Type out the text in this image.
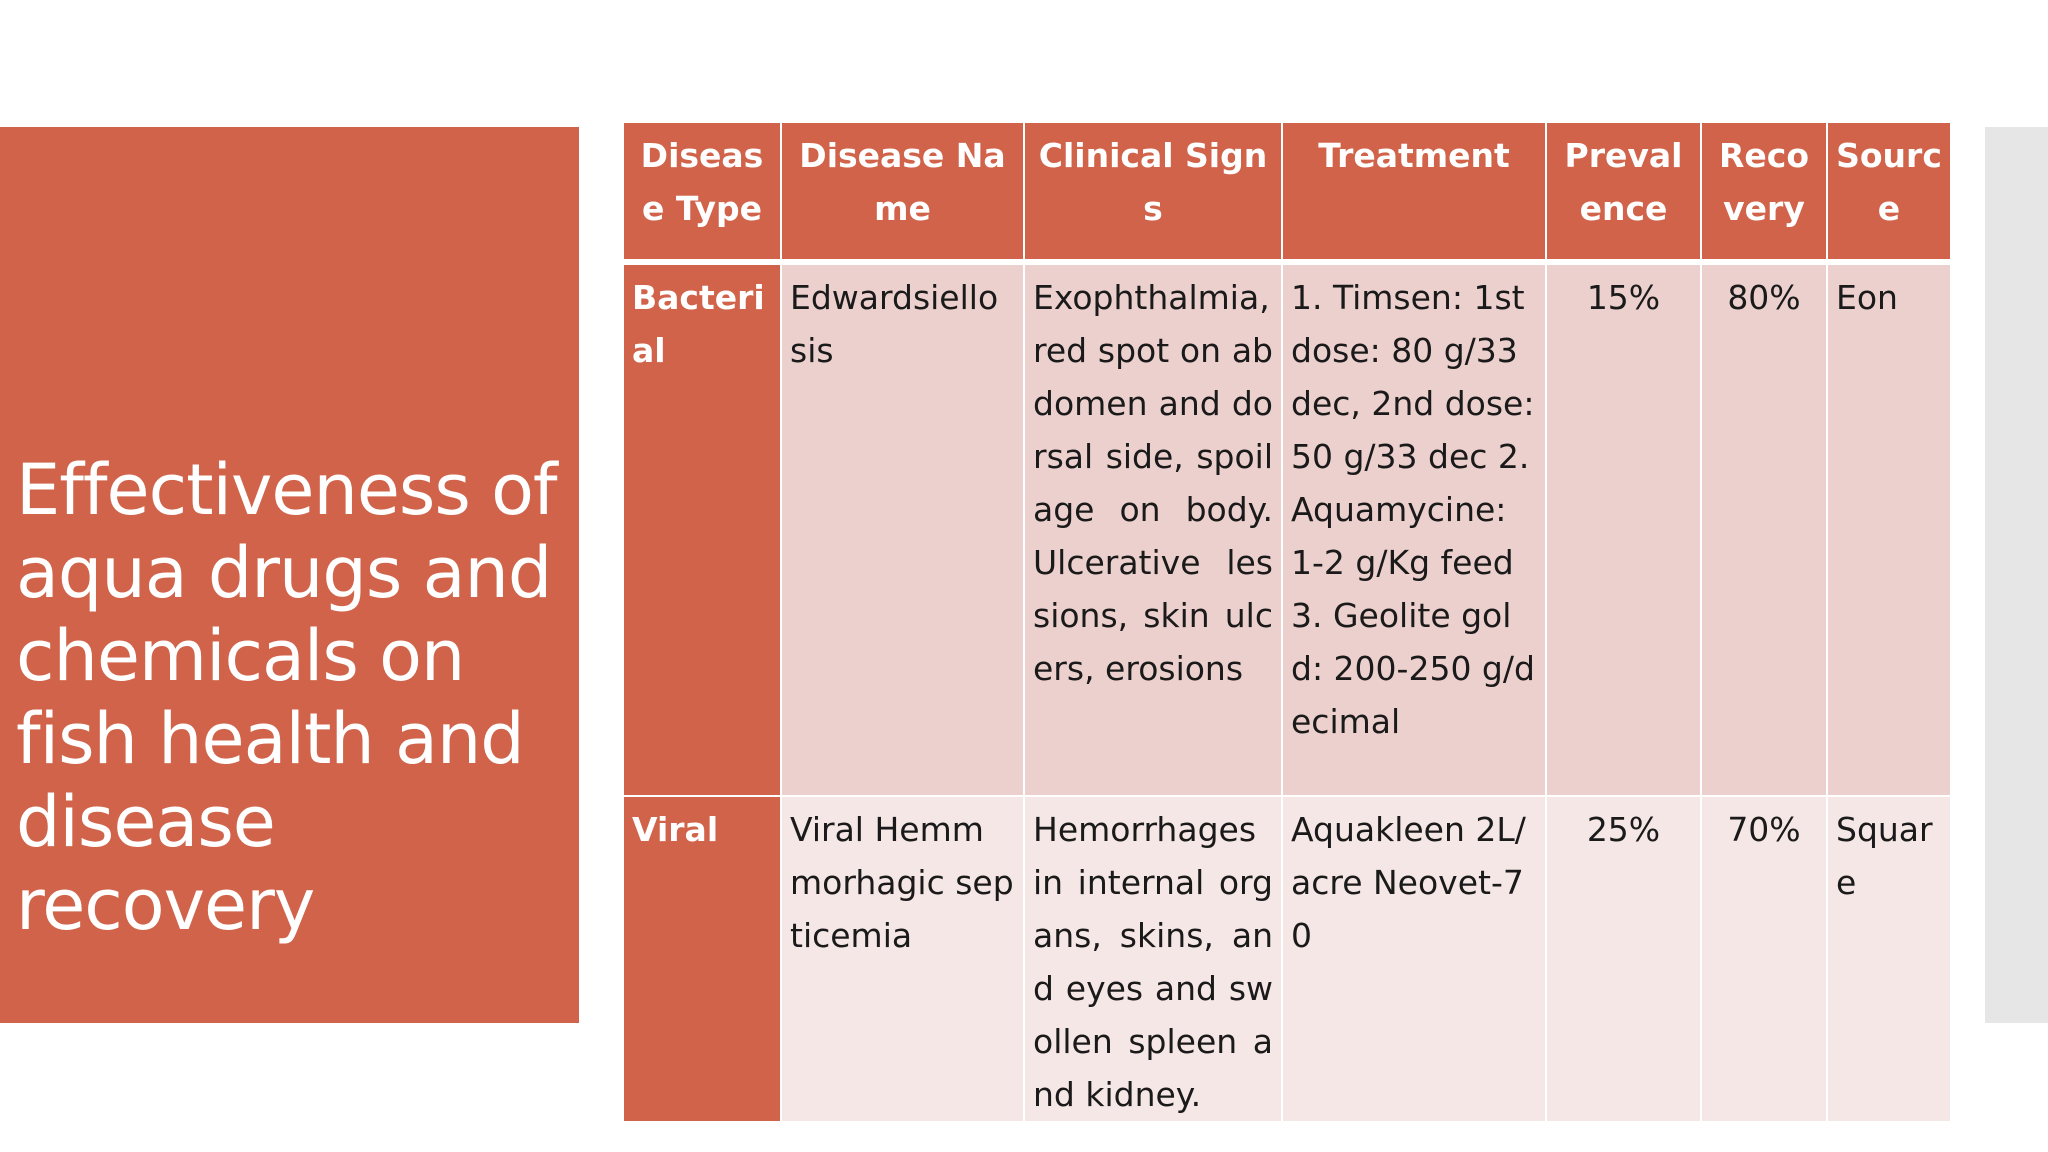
Effectiveness of aqua drugs and chemicals on fish health and disease recovery
Disease Type	Disease Name	Clinical Signs	Treatment	Prevalence	Recovery	Source
Bacterial	Edwardsiellosis	Exophthalmia, red spot on abdomen and dorsal side, spoilage on body. Ulcerative lessions, skin ulcers, erosions	1. Timsen: 1st dose: 80 g/33 dec, 2nd dose: 50 g/33 dec 2. Aquamycine: 1-2 g/Kg feed 3. Geolite gold: 200-250 g/decimal	15%	80%	Eon
Viral	Viral Hemmmorhagic septicemia	Hemorrhages in internal organs, skins, and eyes and swollen spleen and kidney.	Aquakleen 2L/ acre Neovet-70	25%	70%	Square
